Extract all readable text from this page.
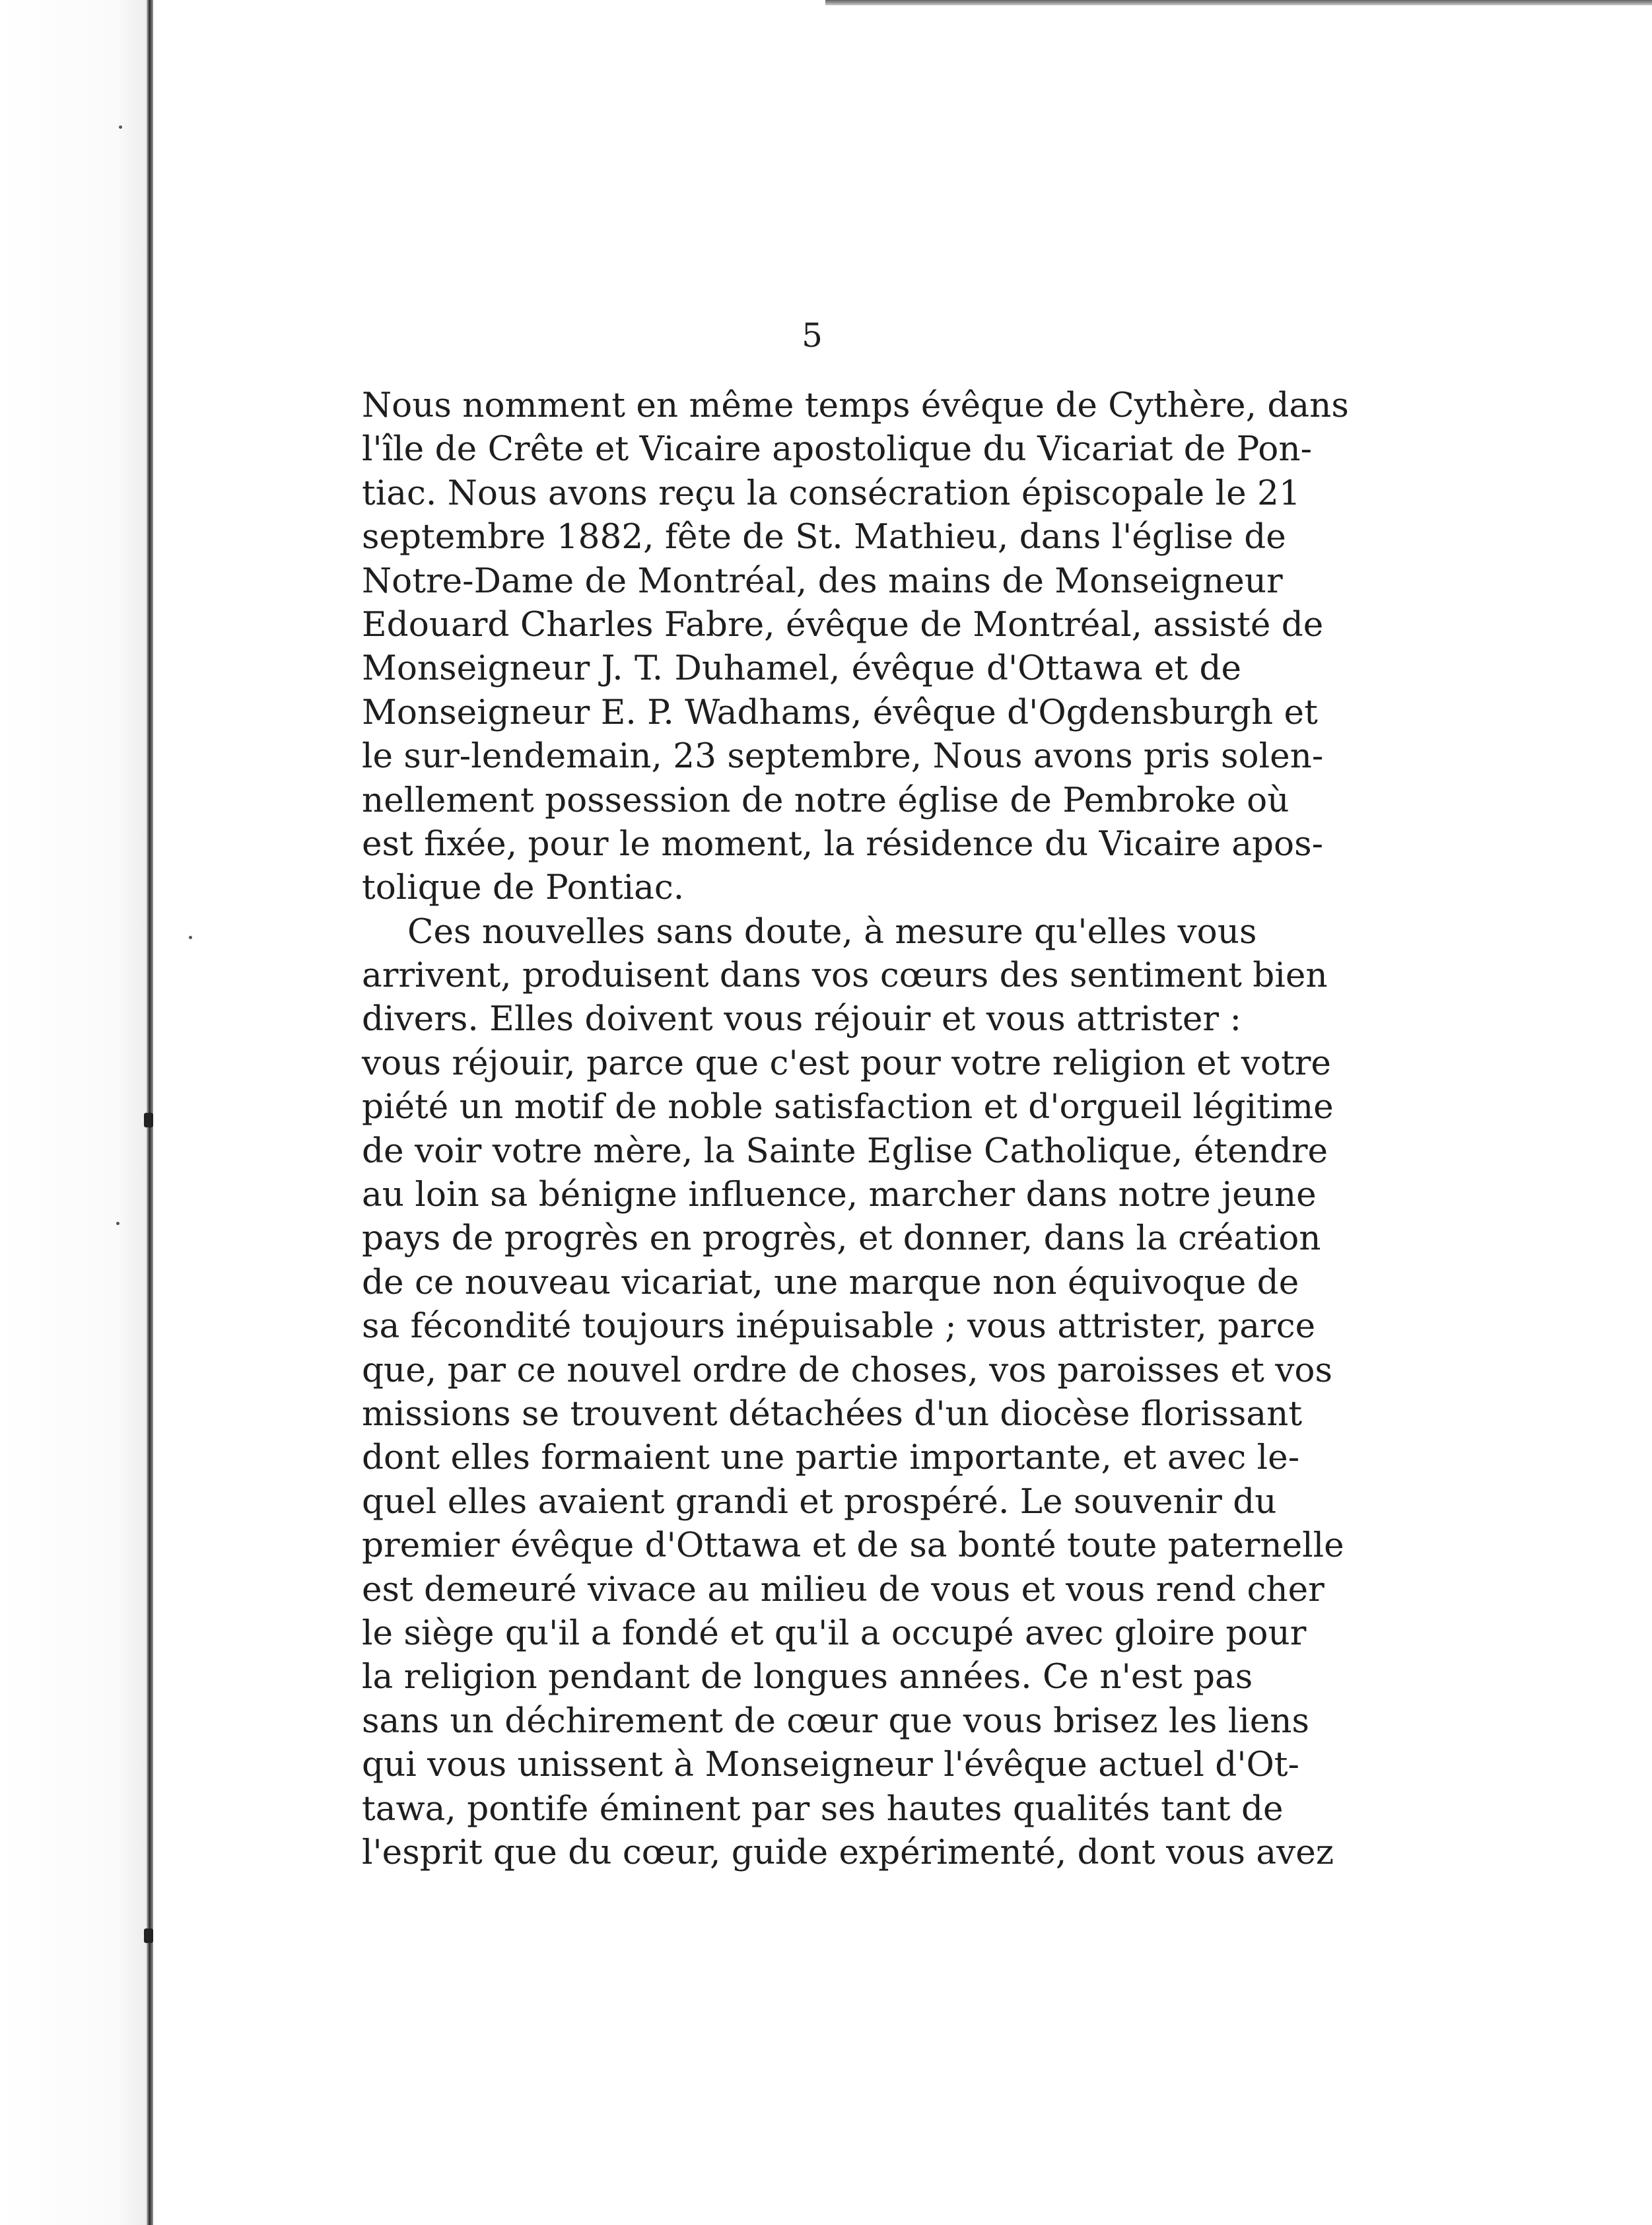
5
Nous nomment en même temps évêque de Cythère, dans
l'île de Crête et Vicaire apostolique du Vicariat de Pon-
tiac. Nous avons reçu la consécration épiscopale le 21
septembre 1882, fête de St. Mathieu, dans l'église de
Notre-Dame de Montréal, des mains de Monseigneur
Edouard Charles Fabre, évêque de Montréal, assisté de
Monseigneur J. T. Duhamel, évêque d'Ottawa et de
Monseigneur E. P. Wadhams, évêque d'Ogdensburgh et
le sur-lendemain, 23 septembre, Nous avons pris solen-
nellement possession de notre église de Pembroke où
est fixée, pour le moment, la résidence du Vicaire apos-
tolique de Pontiac.
Ces nouvelles sans doute, à mesure qu'elles vous
arrivent, produisent dans vos cœurs des sentiment bien
divers. Elles doivent vous réjouir et vous attrister :
vous réjouir, parce que c'est pour votre religion et votre
piété un motif de noble satisfaction et d'orgueil légitime
de voir votre mère, la Sainte Eglise Catholique, étendre
au loin sa bénigne influence, marcher dans notre jeune
pays de progrès en progrès, et donner, dans la création
de ce nouveau vicariat, une marque non équivoque de
sa fécondité toujours inépuisable ; vous attrister, parce
que, par ce nouvel ordre de choses, vos paroisses et vos
missions se trouvent détachées d'un diocèse florissant
dont elles formaient une partie importante, et avec le-
quel elles avaient grandi et prospéré. Le souvenir du
premier évêque d'Ottawa et de sa bonté toute paternelle
est demeuré vivace au milieu de vous et vous rend cher
le siège qu'il a fondé et qu'il a occupé avec gloire pour
la religion pendant de longues années. Ce n'est pas
sans un déchirement de cœur que vous brisez les liens
qui vous unissent à Monseigneur l'évêque actuel d'Ot-
tawa, pontife éminent par ses hautes qualités tant de
l'esprit que du cœur, guide expérimenté, dont vous avez
